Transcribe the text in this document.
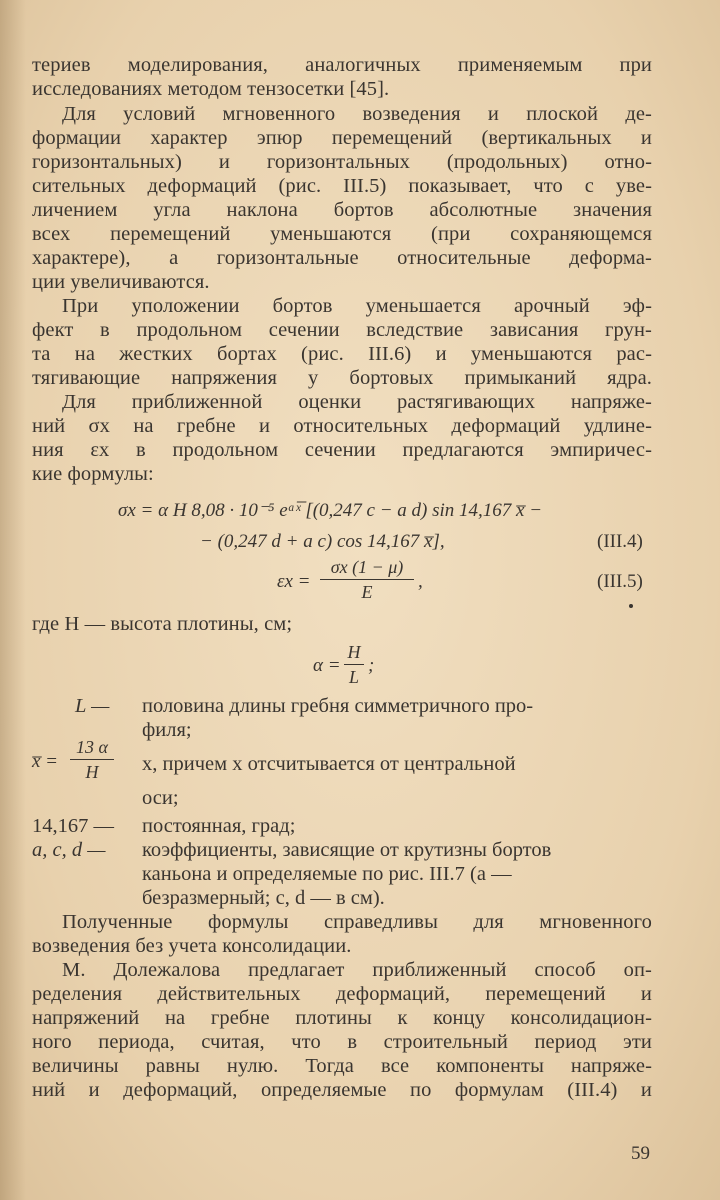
териев моделирования, аналогичных применяемым при
исследованиях методом тензосетки [45].
Для условий мгновенного возведения и плоской де-
формации характер эпюр перемещений (вертикальных и
горизонтальных) и горизонтальных (продольных) отно-
сительных деформаций (рис. III.5) показывает, что с уве-
личением угла наклона бортов абсолютные значения
всех перемещений уменьшаются (при сохраняющемся
характере), а горизонтальные относительные деформа-
ции увеличиваются.
При уположении бортов уменьшается арочный эф-
фект в продольном сечении вследствие зависания грун-
та на жестких бортах (рис. III.6) и уменьшаются рас-
тягивающие напряжения у бортовых примыканий ядра.
Для приближенной оценки растягивающих напряже-
ний σx на гребне и относительных деформаций удлине-
ния εx в продольном сечении предлагаются эмпиричес-
кие формулы:
σx = α H 8,08 · 10⁻⁵ eᵃˣ̅ [(0,247 c − a d) sin 14,167 x̅ −
− (0,247 d + a c) cos 14,167 x̅],	(III.4)
εx =
σx (1 − μ)
E	,	(III.5)
где H — высота плотины, см;
α =
H
L
;
L — половина длины гребня симметричного про-
филя;
x̅ =
13 α
H	x, причем x отсчитывается от центральной
оси;
14,167 — постоянная, град;
a, c, d — коэффициенты, зависящие от крутизны бортов
каньона и определяемые по рис. III.7 (a —
безразмерный; c, d — в см).
Полученные формулы справедливы для мгновенного
возведения без учета консолидации.
М. Долежалова предлагает приближенный способ оп-
ределения действительных деформаций, перемещений и
напряжений на гребне плотины к концу консолидацион-
ного периода, считая, что в строительный период эти
величины равны нулю. Тогда все компоненты напряже-
ний и деформаций, определяемые по формулам (III.4) и
59
